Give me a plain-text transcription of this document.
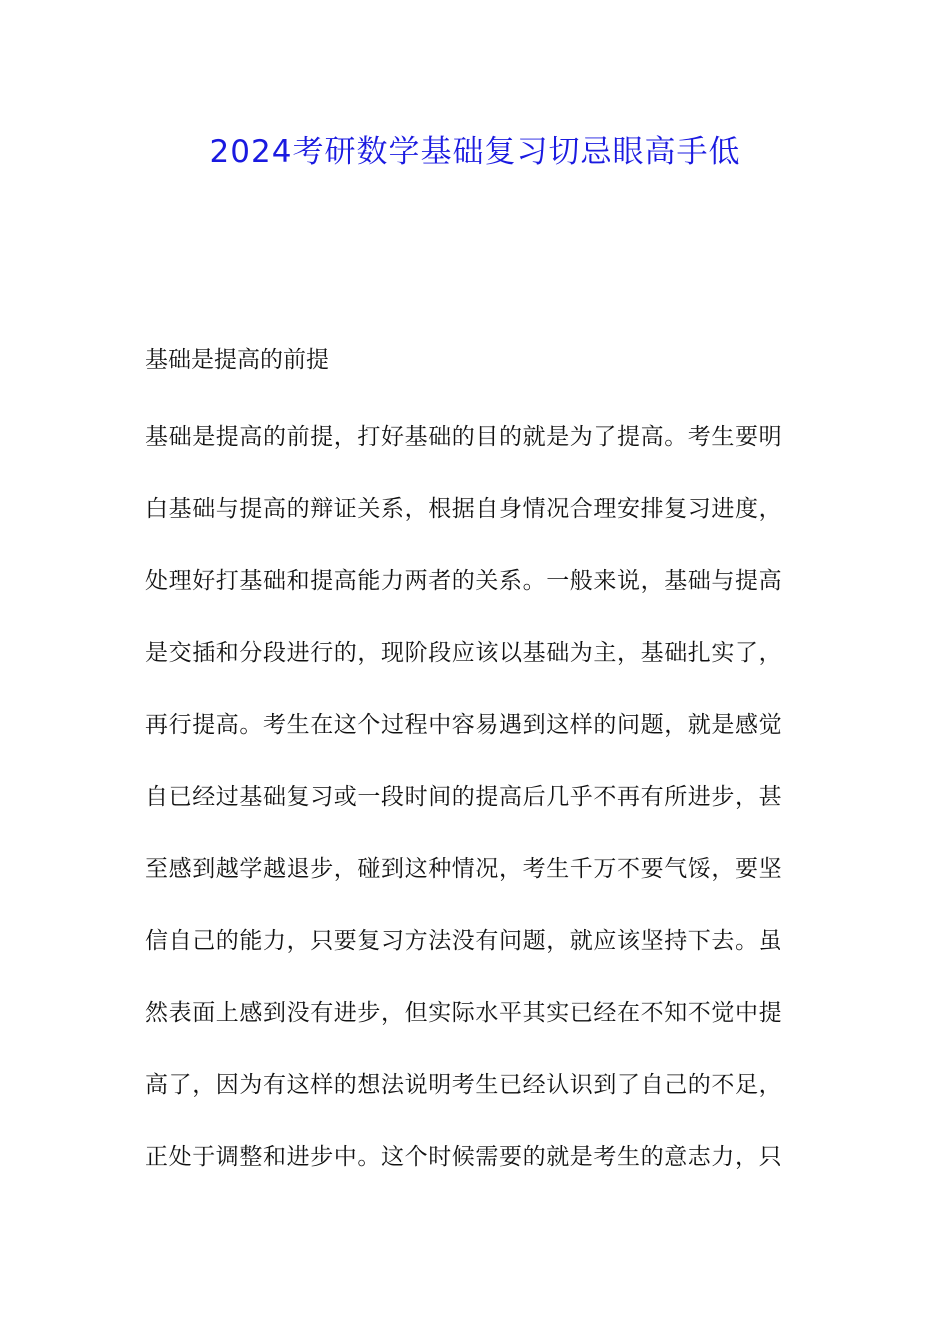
2024考研数学基础复习切忌眼高手低
基础是提高的前提
基础是提高的前提，打好基础的目的就是为了提高。考生要明
白基础与提高的辩证关系，根据自身情况合理安排复习进度，
处理好打基础和提高能力两者的关系。一般来说，基础与提高
是交插和分段进行的，现阶段应该以基础为主，基础扎实了，
再行提高。考生在这个过程中容易遇到这样的问题，就是感觉
自已经过基础复习或一段时间的提高后几乎不再有所进步，甚
至感到越学越退步，碰到这种情况，考生千万不要气馁，要坚
信自己的能力，只要复习方法没有问题，就应该坚持下去。虽
然表面上感到没有进步，但实际水平其实已经在不知不觉中提
高了，因为有这样的想法说明考生已经认识到了自己的不足，
正处于调整和进步中。这个时候需要的就是考生的意志力，只
